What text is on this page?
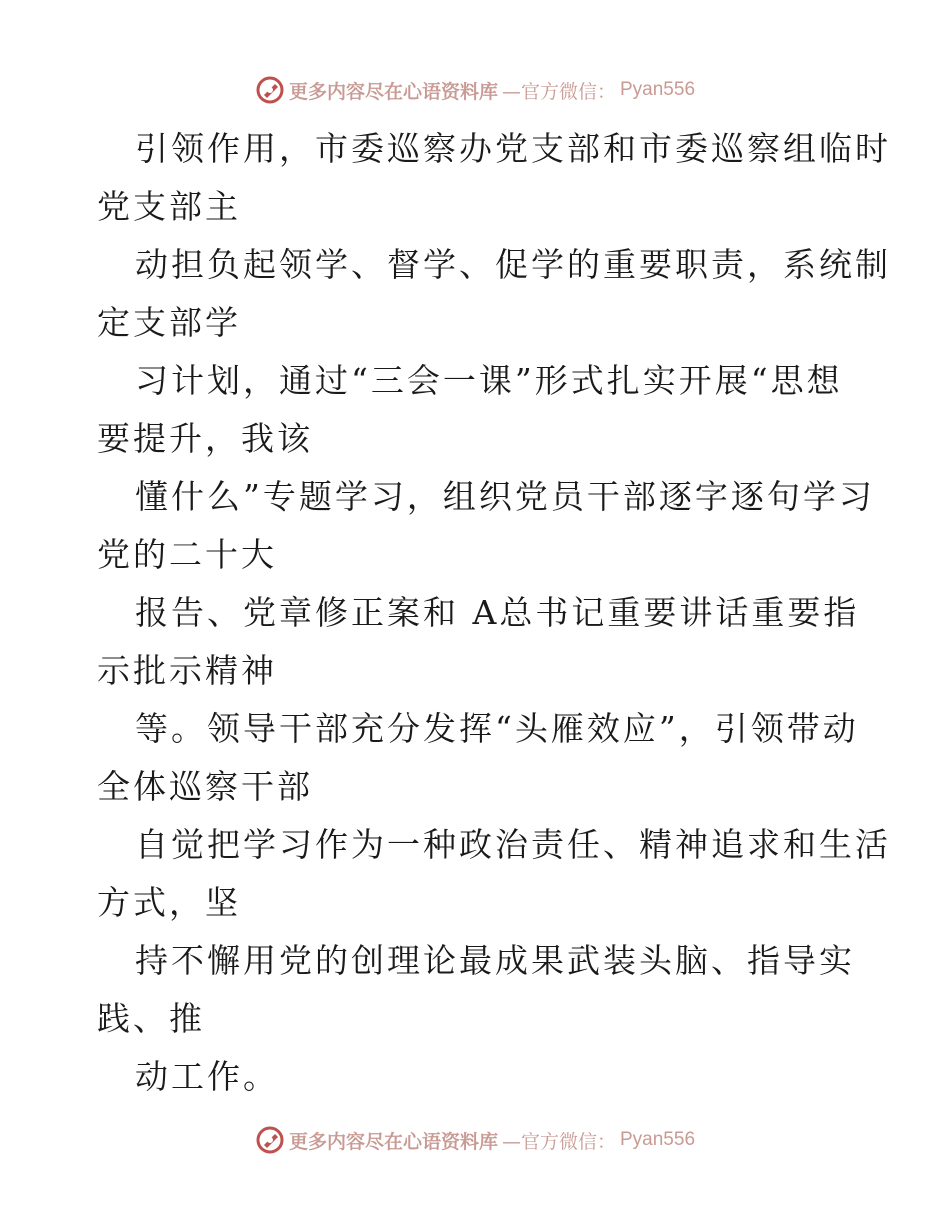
更多内容尽在心语资料库 —官方微信： Pyan556
引领作用，市委巡察办党支部和市委巡察组临时
党支部主
动担负起领学、督学、促学的重要职责，系统制
定支部学
习计划，通过“三会一课”形式扎实开展“思想
要提升，我该
懂什么”专题学习，组织党员干部逐字逐句学习
党的二十大
报告、党章修正案和 A总书记重要讲话重要指
示批示精神
等。领导干部充分发挥“头雁效应”，引领带动
全体巡察干部
自觉把学习作为一种政治责任、精神追求和生活
方式，坚
持不懈用党的创理论最成果武装头脑、指导实
践、推
动工作。
更多内容尽在心语资料库 —官方微信： Pyan556
